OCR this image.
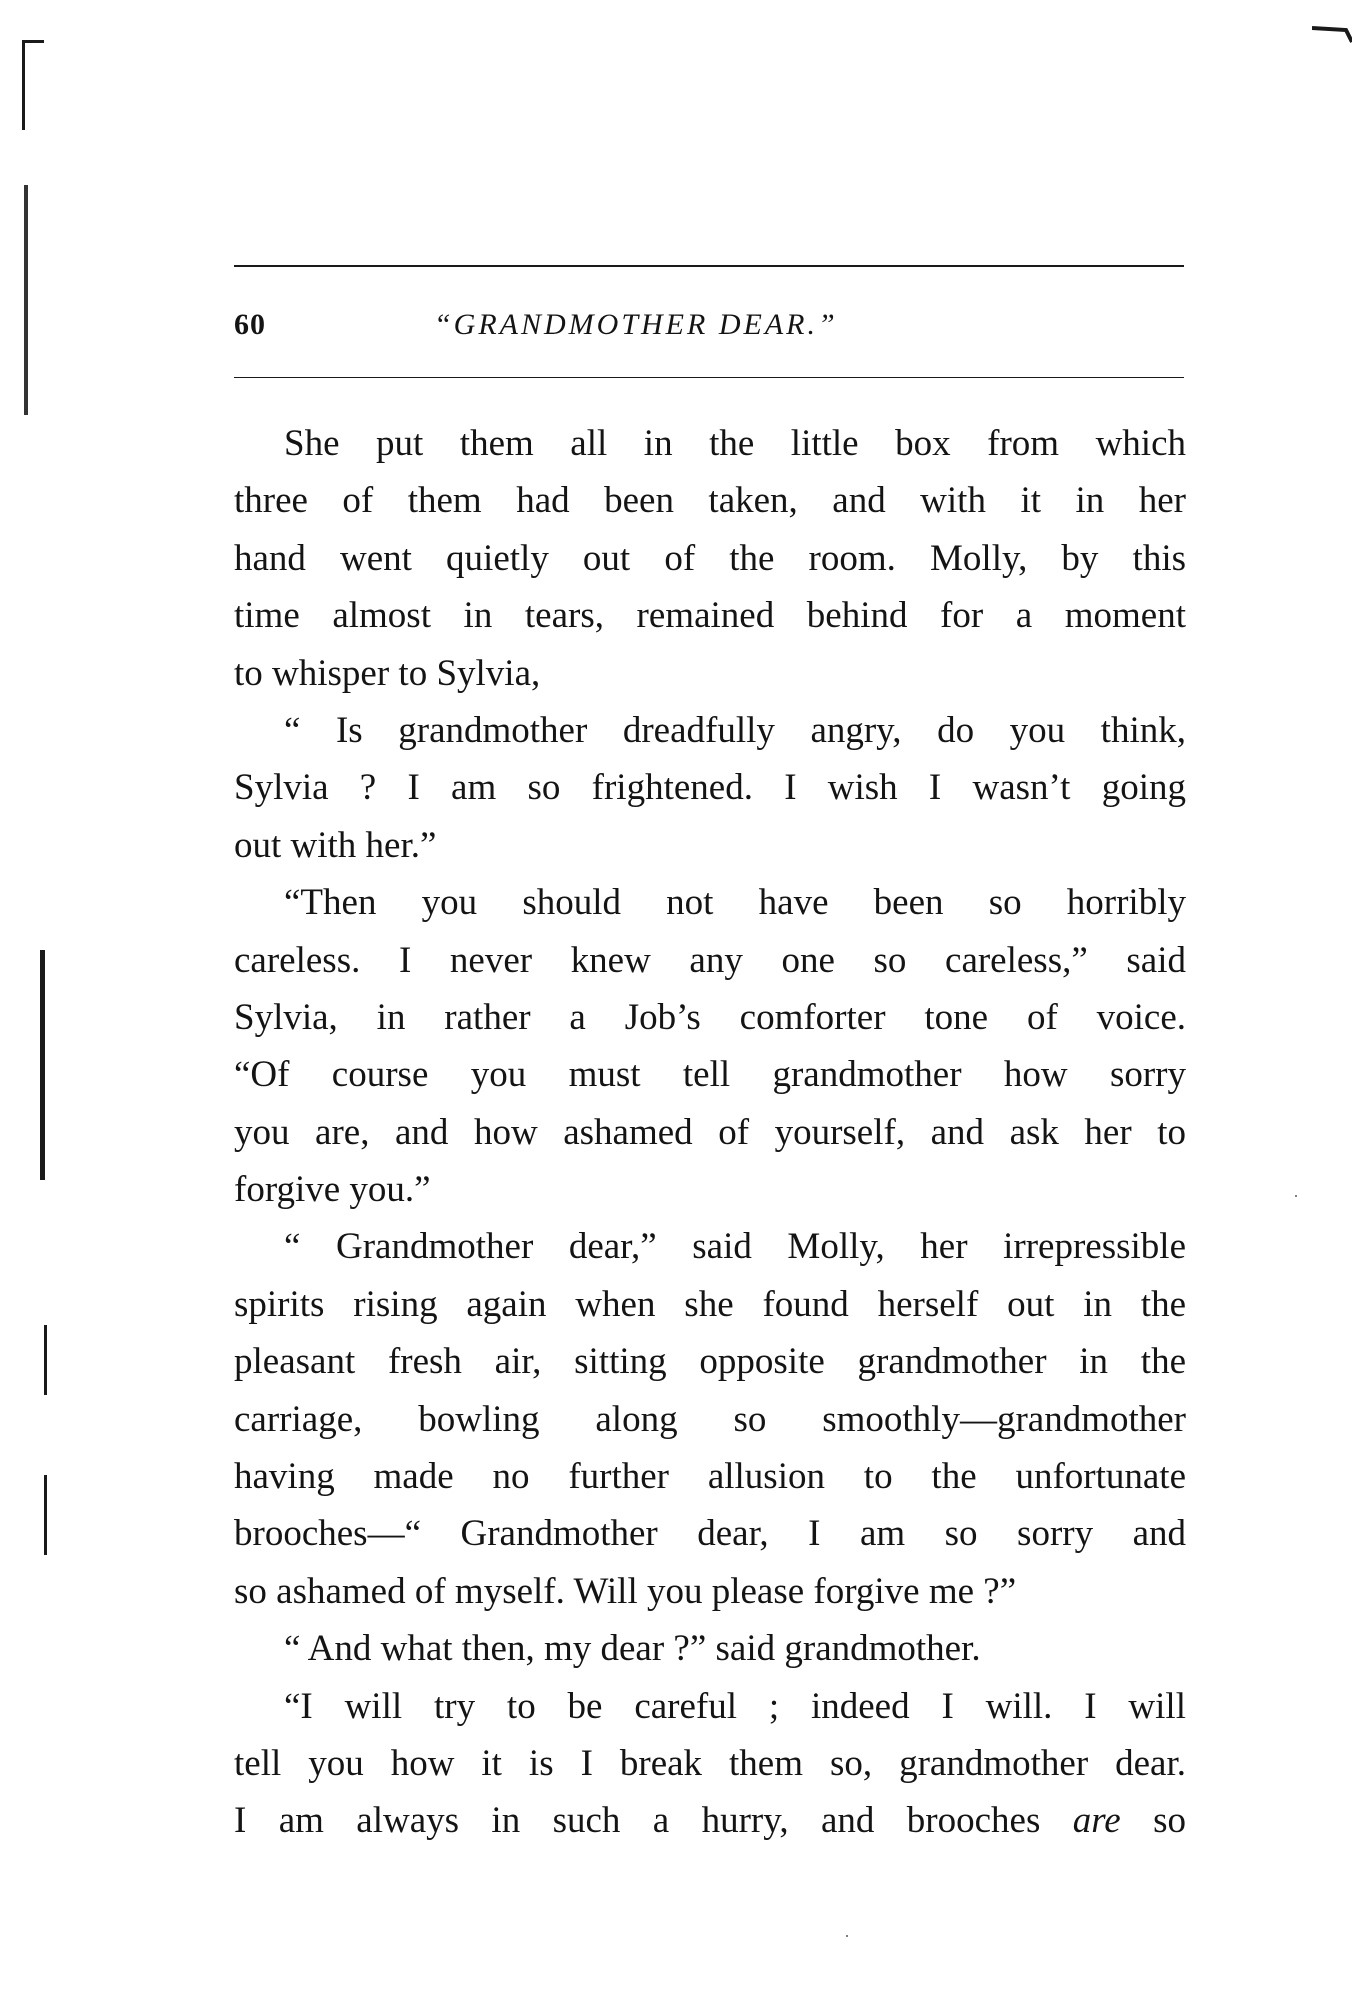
60	“GRANDMOTHER DEAR.”
She put them all in the little box from which
three of them had been taken, and with it in her
hand went quietly out of the room. Molly, by this
time almost in tears, remained behind for a moment
to whisper to Sylvia,
“ Is grandmother dreadfully angry, do you think,
Sylvia ? I am so frightened. I wish I wasn’t going
out with her.”
“Then you should not have been so horribly
careless. I never knew any one so careless,” said
Sylvia, in rather a Job’s comforter tone of voice.
“Of course you must tell grandmother how sorry
you are, and how ashamed of yourself, and ask her to
forgive you.”
“ Grandmother dear,” said Molly, her irrepressible
spirits rising again when she found herself out in the
pleasant fresh air, sitting opposite grandmother in the
carriage, bowling along so smoothly—grandmother
having made no further allusion to the unfortunate
brooches—“ Grandmother dear, I am so sorry and
so ashamed of myself. Will you please forgive me ?”
“ And what then, my dear ?” said grandmother.
“I will try to be careful ; indeed I will. I will
tell you how it is I break them so, grandmother dear.
I am always in such a hurry, and brooches are so
